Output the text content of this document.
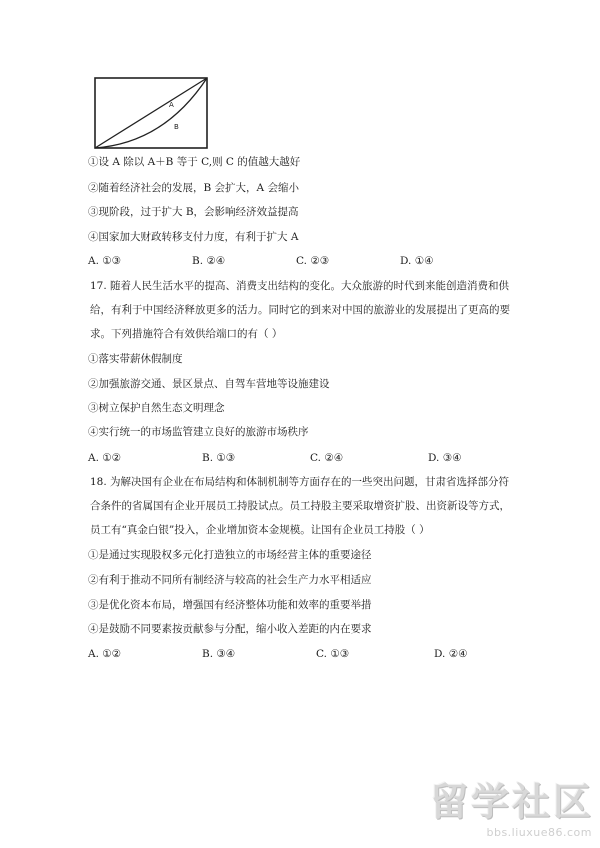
A
B
①设 A 除以 A＋B 等于 C,则 C 的值越大越好
②随着经济社会的发展，B 会扩大，A 会缩小
③现阶段，过于扩大 B，会影响经济效益提高
④国家加大财政转移支付力度，有利于扩大 A
A. ①③	B. ②④	C. ②③	D. ①④
17. 随着人民生活水平的提高、消费支出结构的变化。大众旅游的时代到来能创造消费和供
给，有利于中国经济释放更多的活力。同时它的到来对中国的旅游业的发展提出了更高的要
求。下列措施符合有效供给端口的有（ ）
①落实带薪休假制度
②加强旅游交通、景区景点、自驾车营地等设施建设
③树立保护自然生态文明理念
④实行统一的市场监管建立良好的旅游市场秩序
A. ①②	B. ①③	C. ②④	D. ③④
18. 为解决国有企业在布局结构和体制机制等方面存在的一些突出问题，甘肃省选择部分符
合条件的省属国有企业开展员工持股试点。员工持股主要采取增资扩股、出资新设等方式，
员工有“真金白银”投入，企业增加资本金规模。让国有企业员工持股（ ）
①是通过实现股权多元化打造独立的市场经营主体的重要途径
②有利于推动不同所有制经济与较高的社会生产力水平相适应
③是优化资本布局，增强国有经济整体功能和效率的重要举措
④是鼓励不同要素按贡献参与分配，缩小收入差距的内在要求
A. ①②	B. ③④	C. ①③	D. ②④
留学社区
bbs.liuxue86.com
